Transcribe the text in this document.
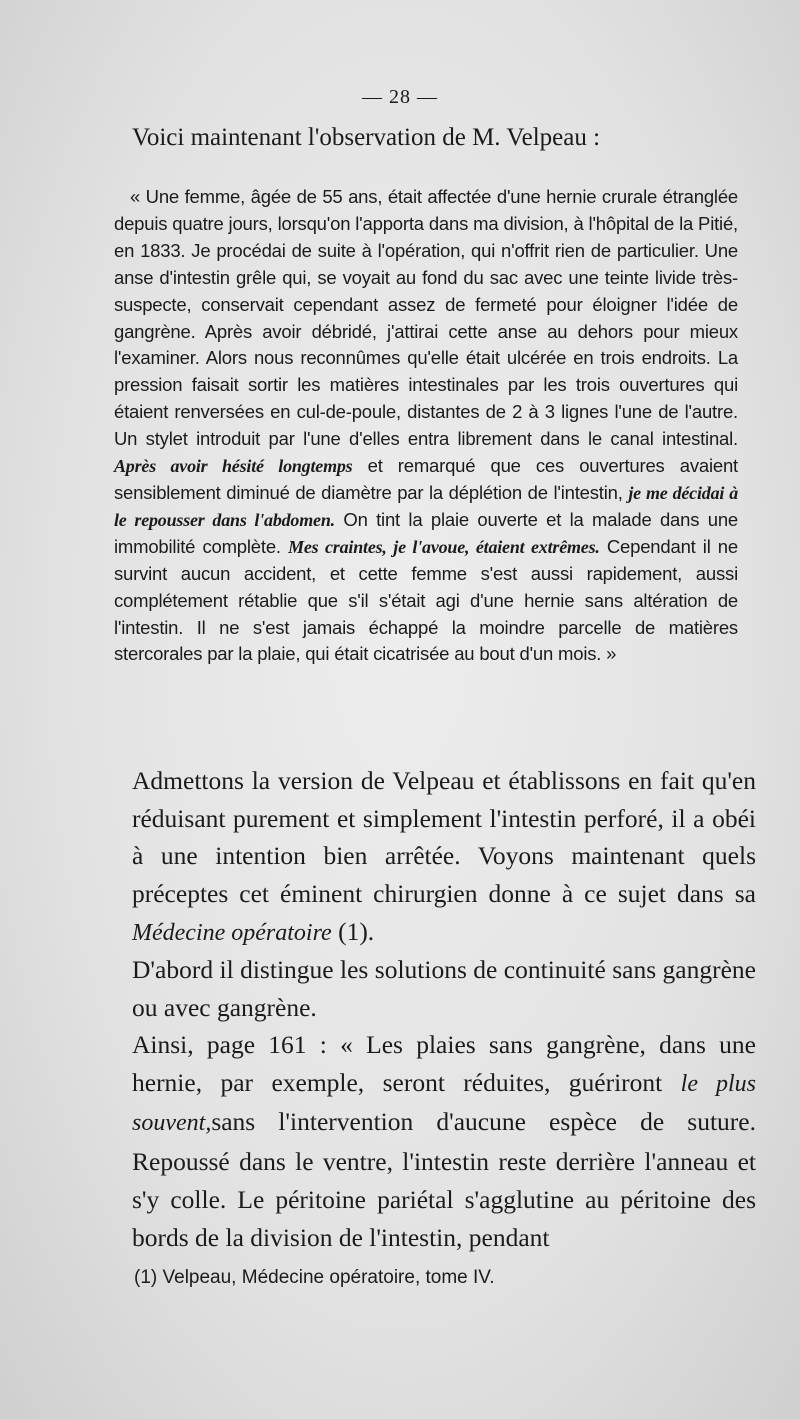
— 28 —
Voici maintenant l'observation de M. Velpeau :
« Une femme, âgée de 55 ans, était affectée d'une hernie crurale étranglée depuis quatre jours, lorsqu'on l'apporta dans ma division, à l'hôpital de la Pitié, en 1833. Je procédai de suite à l'opération, qui n'offrit rien de particulier. Une anse d'intestin grêle qui, se voyait au fond du sac avec une teinte livide très-suspecte, conservait cependant assez de fermeté pour éloigner l'idée de gangrène. Après avoir débridé, j'attirai cette anse au dehors pour mieux l'examiner. Alors nous reconnûmes qu'elle était ulcérée en trois endroits. La pression faisait sortir les matières intestinales par les trois ouvertures qui étaient renversées en cul-de-poule, distantes de 2 à 3 lignes l'une de l'autre. Un stylet introduit par l'une d'elles entra librement dans le canal intestinal. Après avoir hésité longtemps et remarqué que ces ouvertures avaient sensiblement diminué de diamètre par la déplétion de l'intestin, je me décidai à le repousser dans l'abdomen. On tint la plaie ouverte et la malade dans une immobilité complète. Mes craintes, je l'avoue, étaient extrêmes. Cependant il ne survint aucun accident, et cette femme s'est aussi rapidement, aussi complétement rétablie que s'il s'était agi d'une hernie sans altération de l'intestin. Il ne s'est jamais échappé la moindre parcelle de matières stercorales par la plaie, qui était cicatrisée au bout d'un mois. »
Admettons la version de Velpeau et établissons en fait qu'en réduisant purement et simplement l'intestin perforé, il a obéi à une intention bien arrêtée. Voyons maintenant quels préceptes cet éminent chirurgien donne à ce sujet dans sa Médecine opératoire (1).
D'abord il distingue les solutions de continuité sans gangrène ou avec gangrène.
Ainsi, page 161 : « Les plaies sans gangrène, dans une hernie, par exemple, seront réduites, guériront le plus souvent,sans l'intervention d'aucune espèce de suture. Repoussé dans le ventre, l'intestin reste derrière l'anneau et s'y colle. Le péritoine pariétal s'agglutine au péritoine des bords de la division de l'intestin, pendant
(1) Velpeau, Médecine opératoire, tome IV.
